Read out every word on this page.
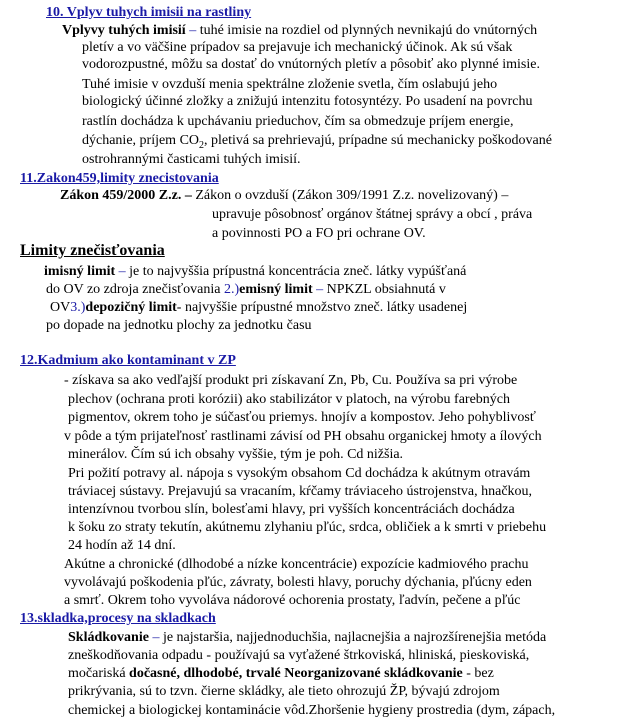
10. Vplyv tuhych imisii na rastliny
Vplyvy tuhých imisií – tuhé imisie na rozdiel od plynných nevnikajú do vnútorných
pletív a vo väčšine prípadov sa prejavuje ich mechanický účinok. Ak sú však
vodorozpustné, môžu sa dostať do vnútorných pletív a pôsobiť ako plynné imisie.
Tuhé imisie v ovzduší menia spektrálne zloženie svetla, čím oslabujú jeho
biologický účinné zložky a znižujú intenzitu fotosyntézy. Po usadení na povrchu
rastlín dochádza k upchávaniu prieduchov, čím sa obmedzuje príjem energie,
dýchanie, príjem $CO_2$, pletivá sa prehrievajú, prípadne sú mechanicky poškodované
ostrohrannými časticami tuhých imisií.
11.Zakon459,limity znecistovania
Zákon 459/2000 Z.z. – Zákon o ovzduší (Zákon 309/1991 Z.z. novelizovaný) –
upravuje pôsobnosť orgánov štátnej správy a obcí , práva
a povinnosti PO a FO pri ochrane OV.
Limity znečisťovania
imisný limit – je to najvyššia prípustná koncentrácia zneč. látky vypúšťaná
do OV zo zdroja znečisťovania 2.)emisný limit – NPKZL obsiahnutá v
OV3.)depozičný limit- najvyššie prípustné množstvo zneč. látky usadenej
po dopade na jednotku plochy za jednotku času
12.Kadmium ako kontaminant v ZP
- získava sa ako vedľajší produkt pri získavaní Zn, Pb, Cu. Používa sa pri výrobe
plechov (ochrana proti korózii) ako stabilizátor v platoch, na výrobu farebných
pigmentov, okrem toho je súčasťou priemys. hnojív a kompostov. Jeho pohyblivosť
v pôde a tým prijateľnosť rastlinami závisí od PH obsahu organickej hmoty a ílových
minerálov. Čím sú ich obsahy vyššie, tým je poh. Cd nižšia.
Pri požití potravy al. nápoja s vysokým obsahom Cd dochádza k akútnym otravám
tráviacej sústavy. Prejavujú sa vracaním, kŕčamy tráviaceho ústrojenstva, hnačkou,
intenzívnou tvorbou slín, bolesťami hlavy, pri vyšších koncentráciách dochádza
k šoku zo straty tekutín, akútnemu zlyhaniu pľúc, srdca, obličiek a k smrti v priebehu
24 hodín až 14 dní.
Akútne a chronické (dlhodobé a nízke koncentrácie) expozície kadmiového prachu
vyvolávajú poškodenia pľúc, závraty, bolesti hlavy, poruchy dýchania, pľúcny eden
a smrť. Okrem toho vyvoláva nádorové ochorenia prostaty, ľadvín, pečene a pľúc
13.skladka,procesy na skladkach
Skládkovanie – je najstaršia, najjednoduchšia, najlacnejšia a najrozšírenejšia metóda
zneškodňovania odpadu - používajú sa vyťažené štrkoviská, hliniská, pieskoviská,
močariská dočasné, dlhodobé, trvalé Neorganizované skládkovanie - bez
prikrývania, sú to tzvn. čierne skládky, ale tieto ohrozujú ŽP, bývajú zdrojom
chemickej a biologickej kontaminácie vôd.Zhoršenie hygieny prostredia (dym, zápach,
